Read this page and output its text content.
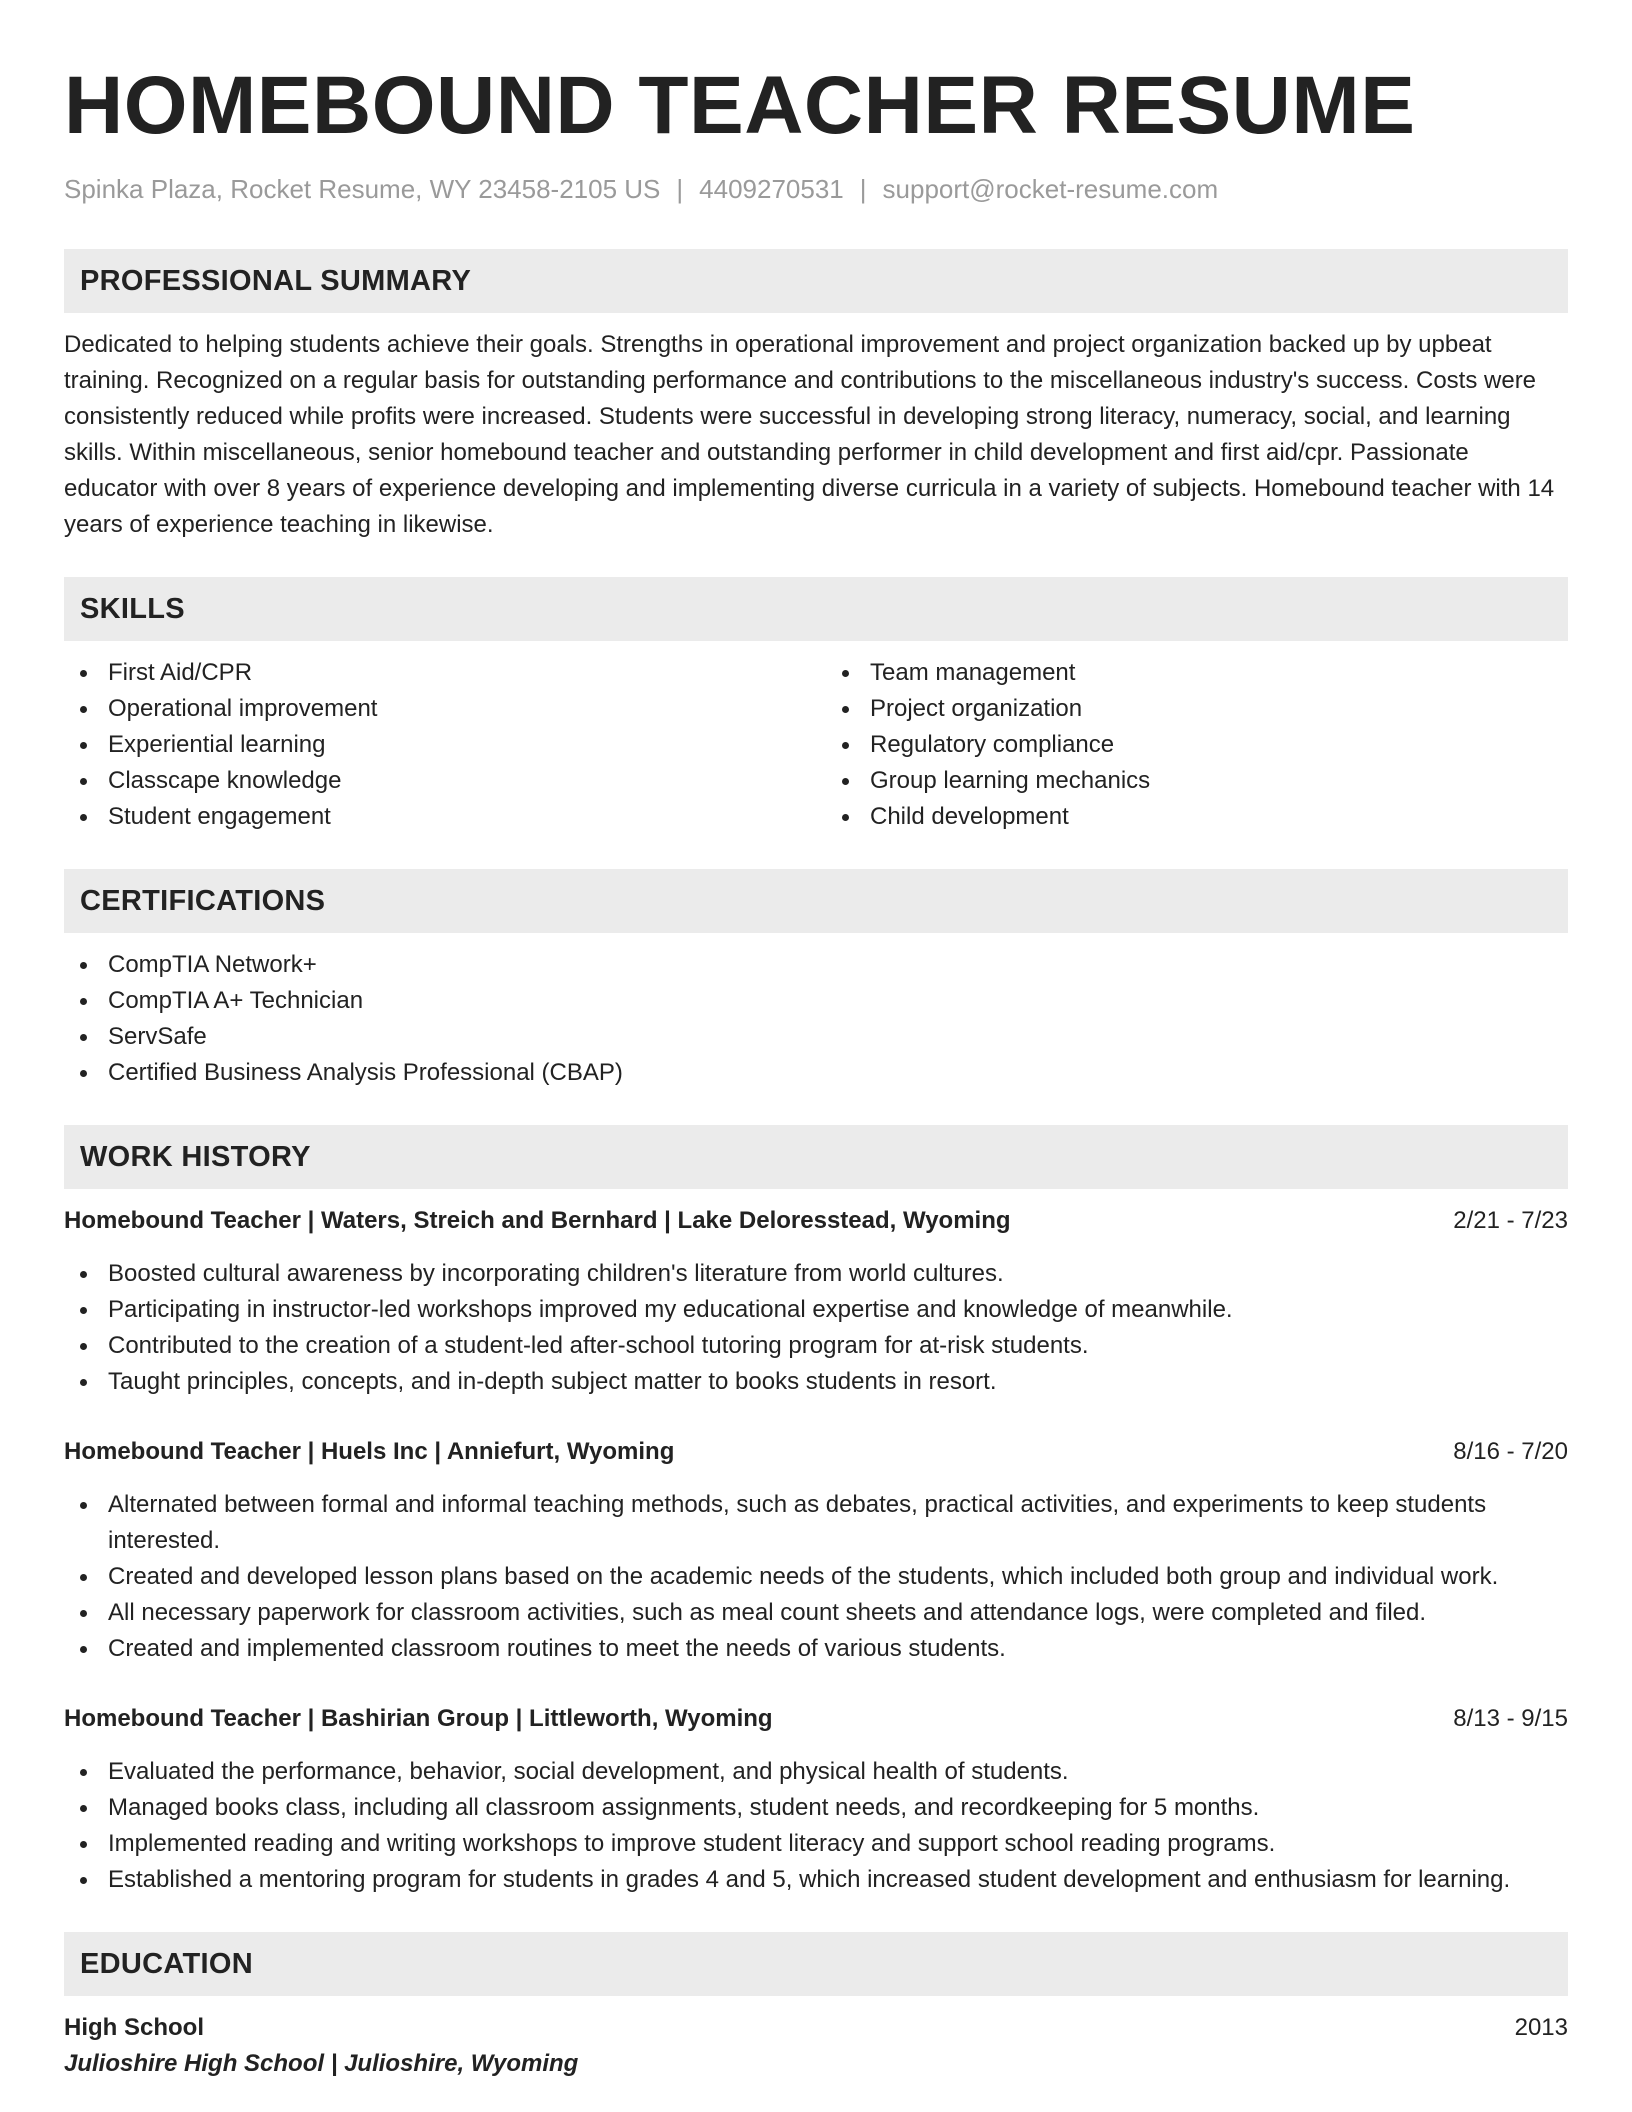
HOMEBOUND TEACHER RESUME
Spinka Plaza, Rocket Resume, WY 23458-2105 US | 4409270531 | support@rocket-resume.com
PROFESSIONAL SUMMARY

Dedicated to helping students achieve their goals. Strengths in operational improvement and project organization backed up by upbeat training. Recognized on a regular basis for outstanding performance and contributions to the miscellaneous industry's success. Costs were consistently reduced while profits were increased. Students were successful in developing strong literacy, numeracy, social, and learning skills. Within miscellaneous, senior homebound teacher and outstanding performer in child development and first aid/cpr. Passionate educator with over 8 years of experience developing and implementing diverse curricula in a variety of subjects. Homebound teacher with 14 years of experience teaching in likewise.

SKILLS
First Aid/CPR
Operational improvement
Experiential learning
Classcape knowledge
Student engagement
Team management
Project organization
Regulatory compliance
Group learning mechanics
Child development
CERTIFICATIONS
CompTIA Network+
CompTIA A+ Technician
ServSafe
Certified Business Analysis Professional (CBAP)
WORK HISTORY
Homebound Teacher | Waters, Streich and Bernhard | Lake Deloresstead, Wyoming	2/21 - 7/23
Boosted cultural awareness by incorporating children's literature from world cultures.
Participating in instructor-led workshops improved my educational expertise and knowledge of meanwhile.
Contributed to the creation of a student-led after-school tutoring program for at-risk students.
Taught principles, concepts, and in-depth subject matter to books students in resort.
Homebound Teacher | Huels Inc | Anniefurt, Wyoming	8/16 - 7/20
Alternated between formal and informal teaching methods, such as debates, practical activities, and experiments to keep students interested.
Created and developed lesson plans based on the academic needs of the students, which included both group and individual work.
All necessary paperwork for classroom activities, such as meal count sheets and attendance logs, were completed and filed.
Created and implemented classroom routines to meet the needs of various students.
Homebound Teacher | Bashirian Group | Littleworth, Wyoming	8/13 - 9/15
Evaluated the performance, behavior, social development, and physical health of students.
Managed books class, including all classroom assignments, student needs, and recordkeeping for 5 months.
Implemented reading and writing workshops to improve student literacy and support school reading programs.
Established a mentoring program for students in grades 4 and 5, which increased student development and enthusiasm for learning.
EDUCATION
High School	2013
Julioshire High School | Julioshire, Wyoming
